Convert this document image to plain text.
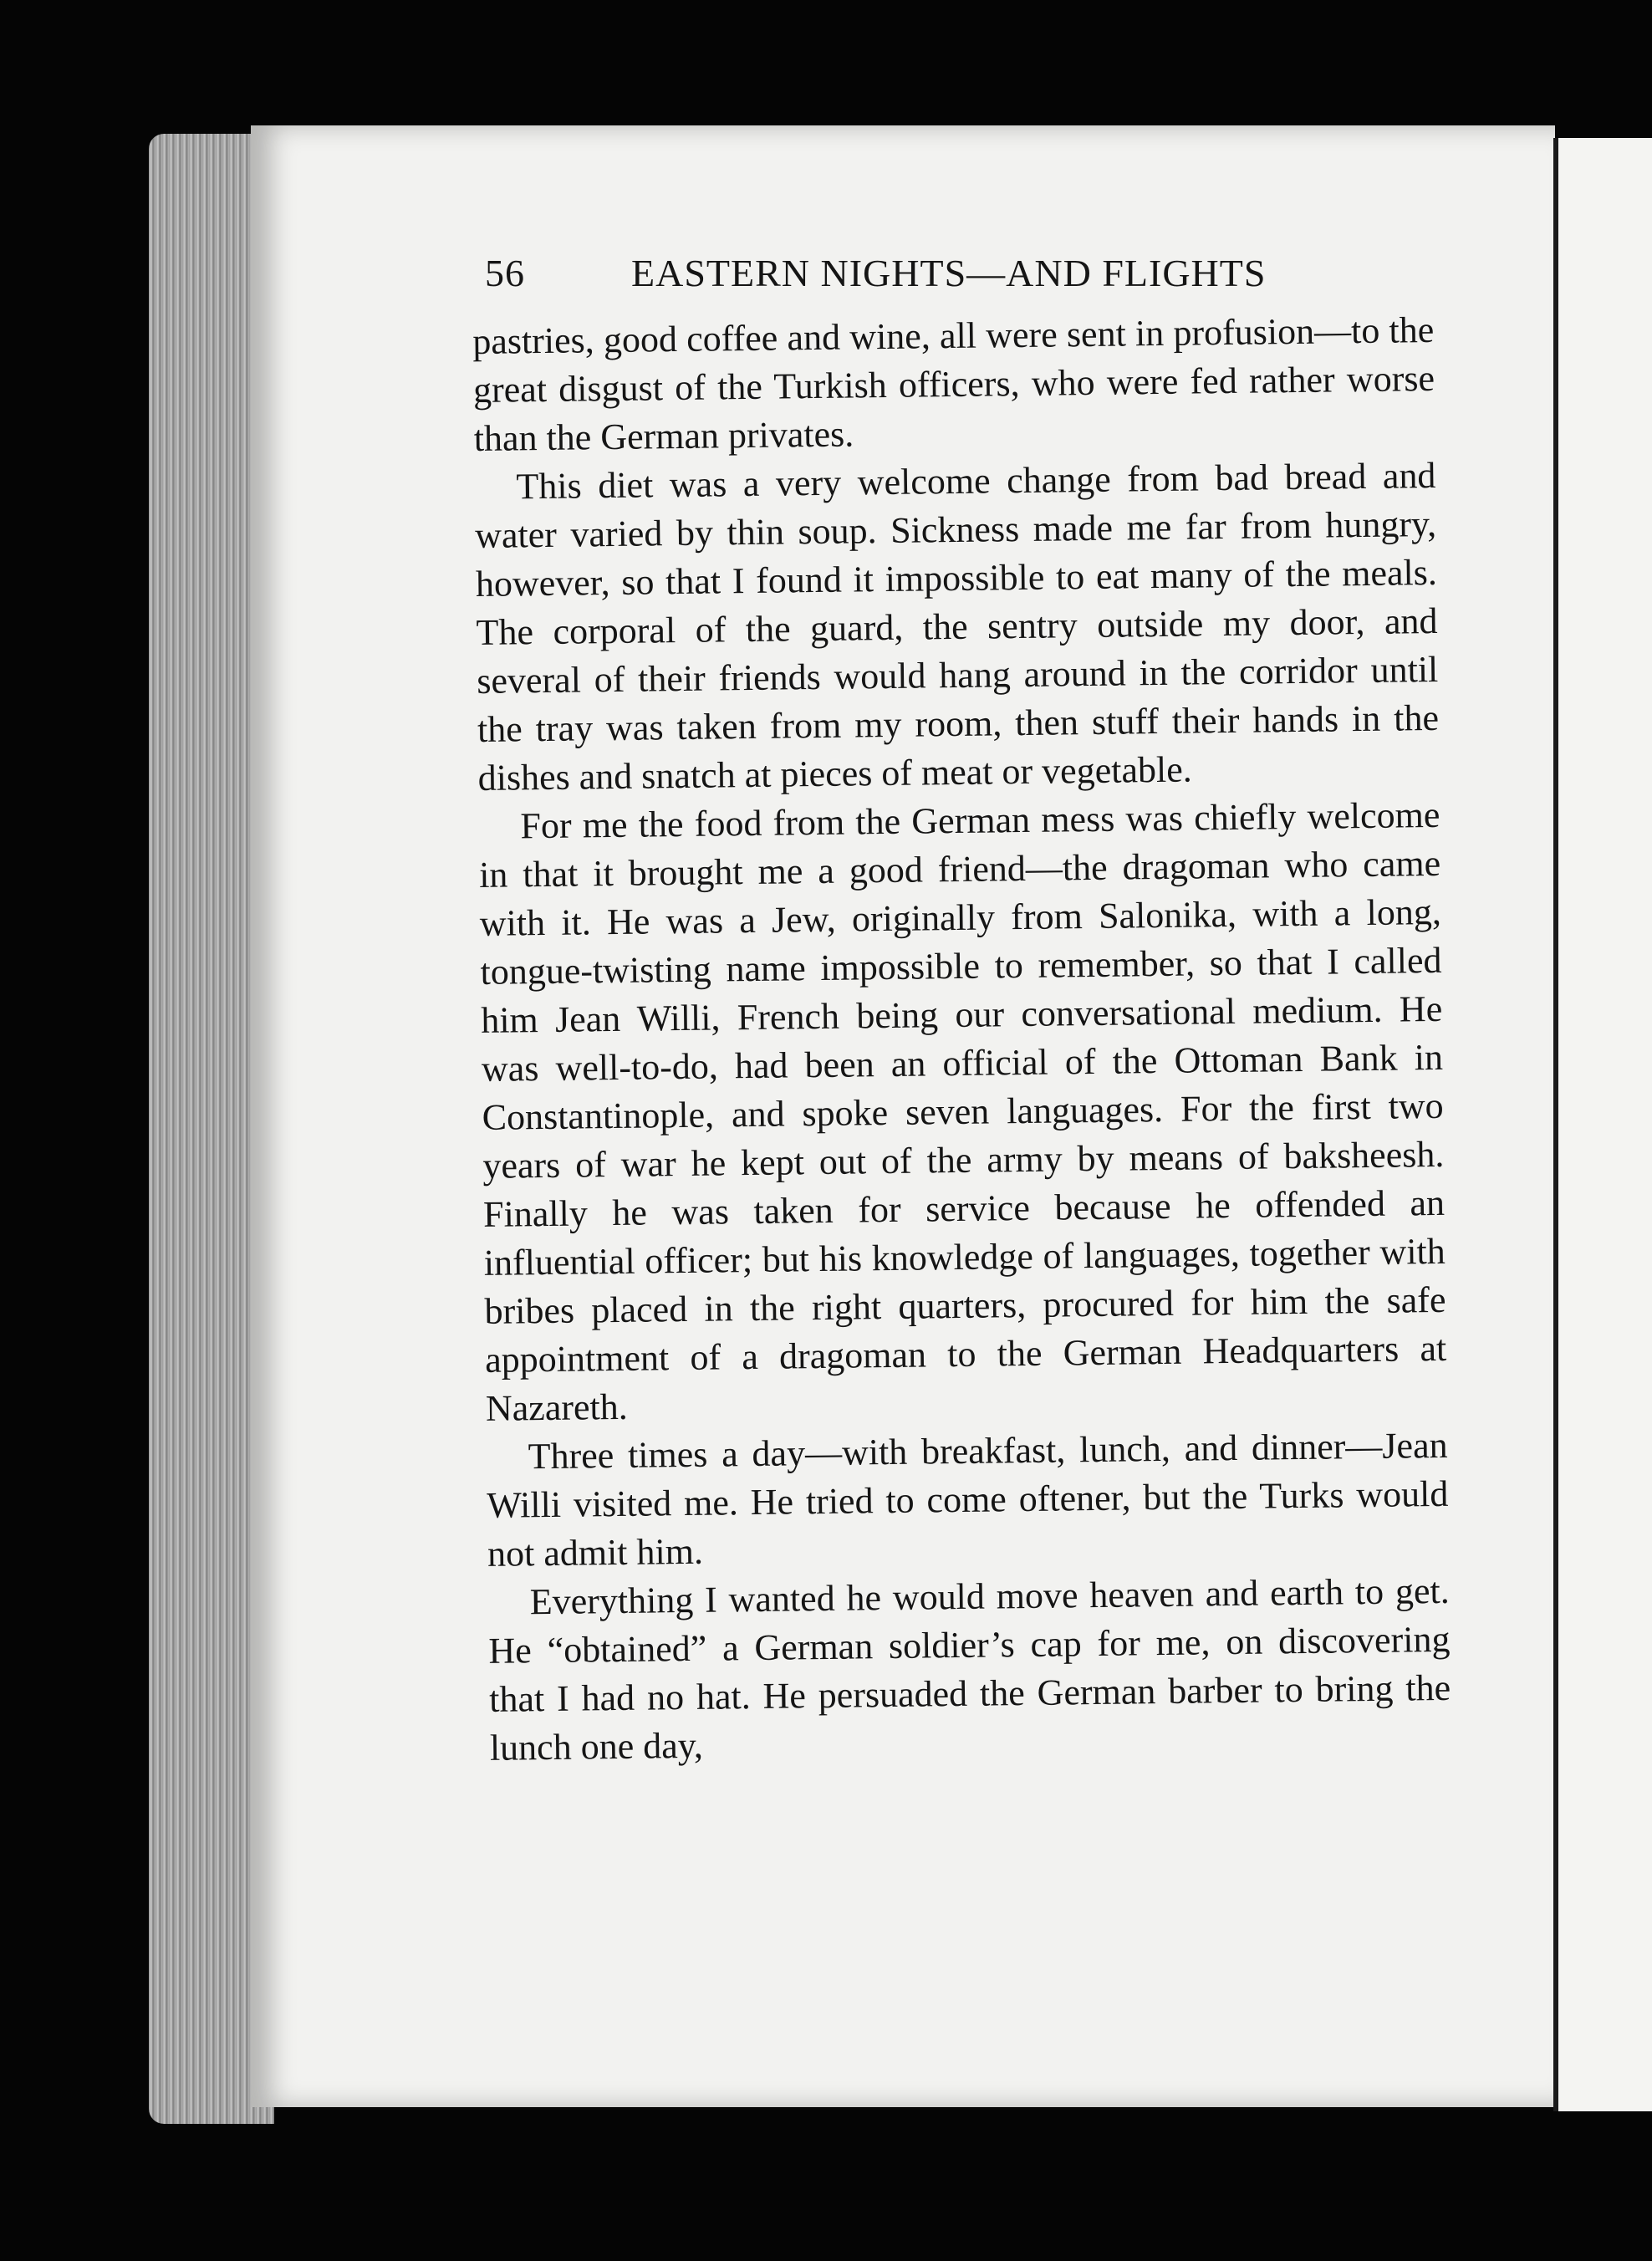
56	EASTERN NIGHTS—AND FLIGHTS

pastries, good coffee and wine, all were sent in profusion—to the great disgust of the Turkish officers, who were fed rather worse than the German privates.

This diet was a very welcome change from bad bread and water varied by thin soup. Sickness made me far from hungry, however, so that I found it impossible to eat many of the meals. The corporal of the guard, the sentry outside my door, and several of their friends would hang around in the corridor until the tray was taken from my room, then stuff their hands in the dishes and snatch at pieces of meat or vegetable.

For me the food from the German mess was chiefly welcome in that it brought me a good friend—the dragoman who came with it. He was a Jew, originally from Salonika, with a long, tongue-twisting name impossible to remember, so that I called him Jean Willi, French being our conversational medium. He was well-to-do, had been an official of the Ottoman Bank in Constantinople, and spoke seven languages. For the first two years of war he kept out of the army by means of baksheesh. Finally he was taken for service because he offended an influential officer; but his knowledge of languages, together with bribes placed in the right quarters, procured for him the safe appointment of a dragoman to the German Headquarters at Nazareth.

Three times a day—with breakfast, lunch, and dinner—Jean Willi visited me. He tried to come oftener, but the Turks would not admit him.

Everything I wanted he would move heaven and earth to get. He “obtained” a German soldier’s cap for me, on discovering that I had no hat. He persuaded the German barber to bring the lunch one day,
